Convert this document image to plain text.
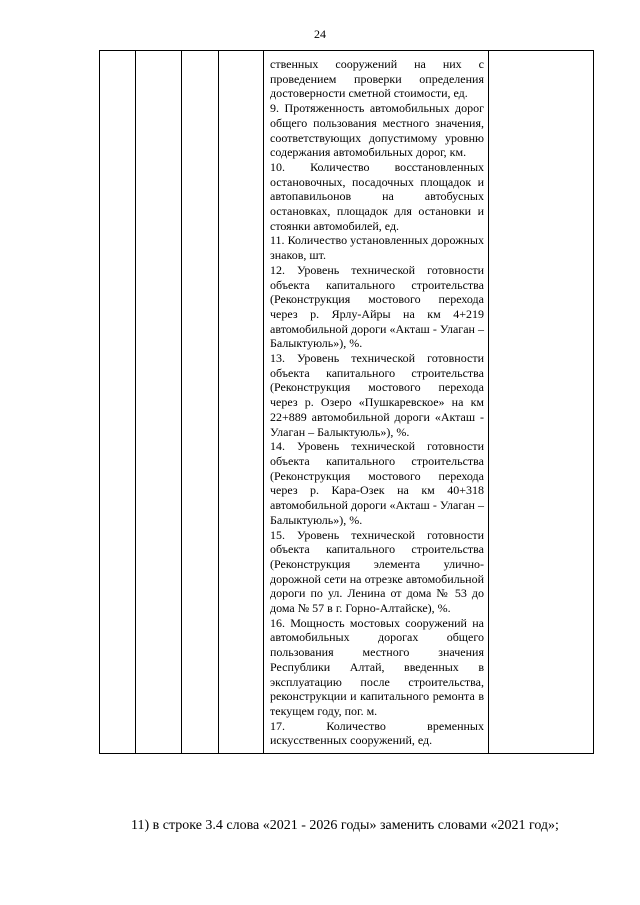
24

ственных сооружений на них с проведением проверки определения достоверности сметной стоимости, ед.

9. Протяженность автомобильных дорог общего пользования местного значения, соответствующих допустимому уровню содержания автомобильных дорог, км.

10. Количество восстановленных остановочных, посадочных площадок и автопавильонов на автобусных остановках, площадок для остановки и стоянки автомобилей, ед.

11. Количество установленных дорожных знаков, шт.

12. Уровень технической готовности объекта капитального строительства (Реконструкция мостового перехода через р. Ярлу-Айры на км 4+219 автомобильной дороги «Акташ - Улаган – Балыктуюль»), %.

13. Уровень технической готовности объекта капитального строительства (Реконструкция мостового перехода через р. Озеро «Пушкаревское» на км 22+889 автомобильной дороги «Акташ - Улаган – Балыктуюль»), %.

14. Уровень технической готовности объекта капитального строительства (Реконструкция мостового перехода через р. Кара-Озек на км 40+318 автомобильной дороги «Акташ - Улаган – Балыктуюль»), %.

15. Уровень технической готовности объекта капитального строительства (Реконструкция элемента улично-дорожной сети на отрезке автомобильной дороги по ул. Ленина от дома № 53 до дома № 57 в г. Горно-Алтайске), %.

16. Мощность мостовых сооружений на автомобильных дорогах общего пользования местного значения Республики Алтай, введенных в эксплуатацию после строительства, реконструкции и капитального ремонта в текущем году, пог. м.

17. Количество временных искусственных сооружений, ед.

11) в строке 3.4 слова «2021 - 2026 годы» заменить словами «2021 год»;
